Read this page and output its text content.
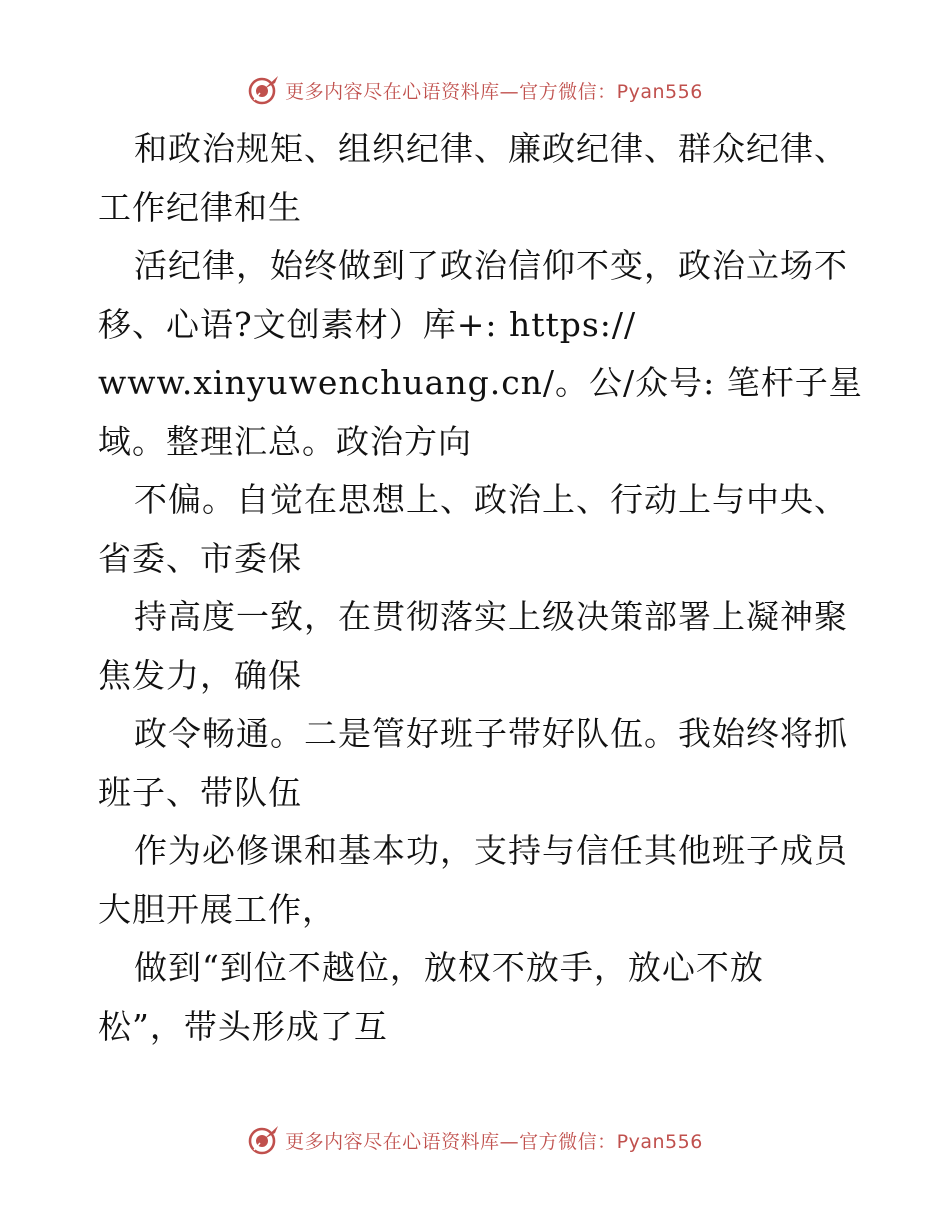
更多内容尽在心语资料库—官方微信：Pyan556
和政治规矩、组织纪律、廉政纪律、群众纪律、
工作纪律和生
活纪律，始终做到了政治信仰不变，政治立场不
移、心语?文创素材）库+: https://
www.xinyuwenchuang.cn/。公/众号: 笔杆子星
域。整理汇总。政治方向
不偏。自觉在思想上、政治上、行动上与中央、
省委、市委保
持高度一致，在贯彻落实上级决策部署上凝神聚
焦发力，确保
政令畅通。二是管好班子带好队伍。我始终将抓
班子、带队伍
作为必修课和基本功，支持与信任其他班子成员
大胆开展工作，
做到“到位不越位，放权不放手，放心不放
松”，带头形成了互
更多内容尽在心语资料库—官方微信：Pyan556
